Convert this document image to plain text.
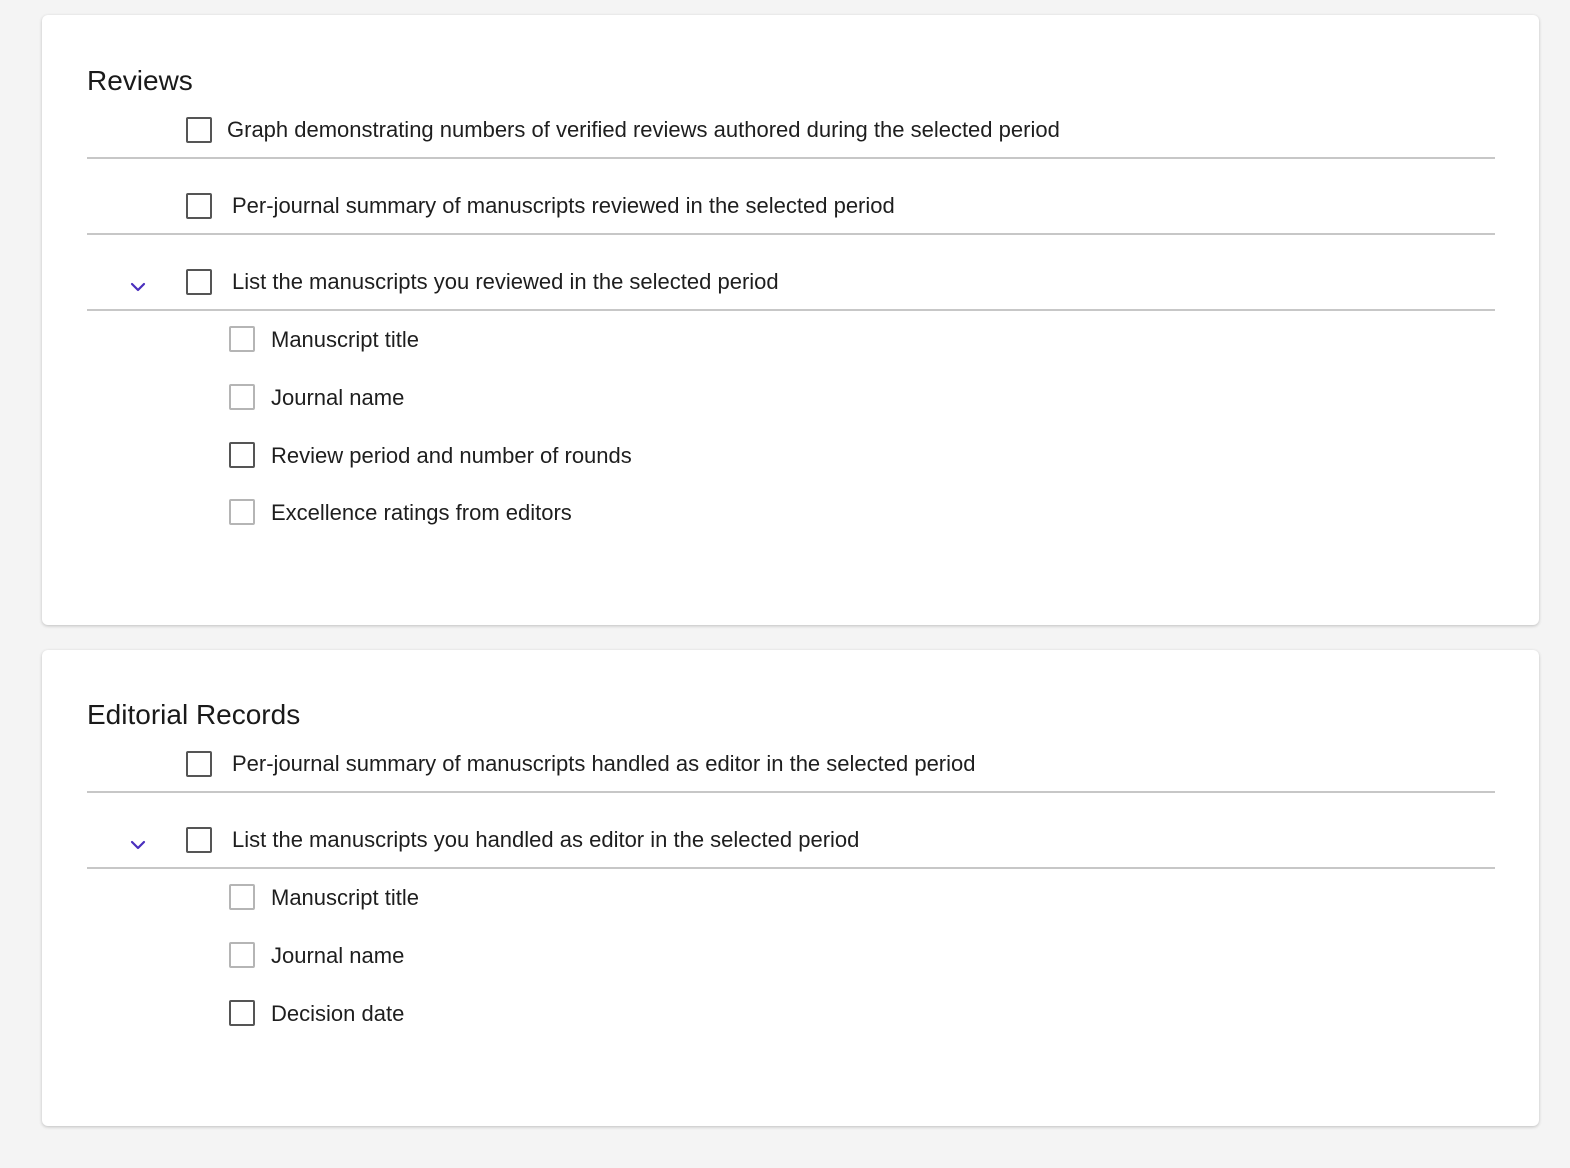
Reviews
Graph demonstrating numbers of verified reviews authored during the selected period
Per-journal summary of manuscripts reviewed in the selected period
List the manuscripts you reviewed in the selected period
Manuscript title
Journal name
Review period and number of rounds
Excellence ratings from editors
Editorial Records
Per-journal summary of manuscripts handled as editor in the selected period
List the manuscripts you handled as editor in the selected period
Manuscript title
Journal name
Decision date
